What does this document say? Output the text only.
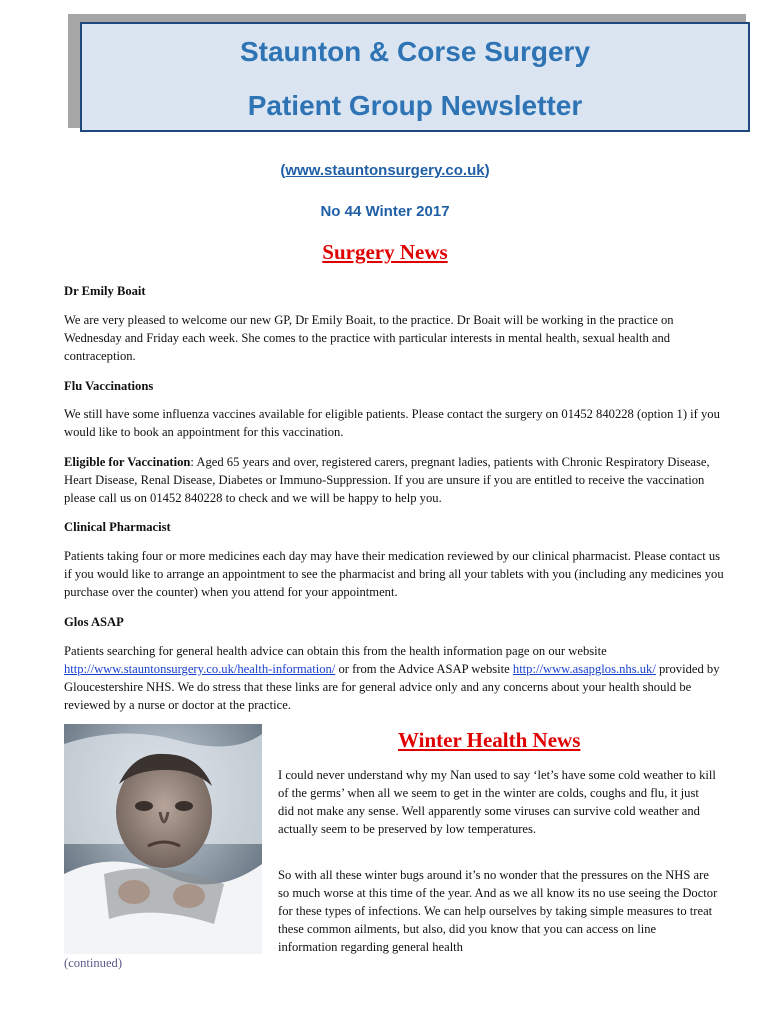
Staunton & Corse Surgery
Patient Group Newsletter
(www.stauntonsurgery.co.uk)
No 44 Winter 2017
Surgery News

Dr Emily Boait

We are very pleased to welcome our new GP, Dr Emily Boait, to the practice. Dr Boait will be working in the practice on Wednesday and Friday each week. She comes to the practice with particular interests in mental health, sexual health and contraception.
Flu Vaccinations
We still have some influenza vaccines available for eligible patients. Please contact the surgery on 01452 840228 (option 1) if you would like to book an appointment for this vaccination.
Eligible for Vaccination: Aged 65 years and over, registered carers, pregnant ladies, patients with Chronic Respiratory Disease, Heart Disease, Renal Disease, Diabetes or Immuno-Suppression. If you are unsure if you are entitled to receive the vaccination please call us on 01452 840228 to check and we will be happy to help you.
Clinical Pharmacist
Patients taking four or more medicines each day may have their medication reviewed by our clinical pharmacist. Please contact us if you would like to arrange an appointment to see the pharmacist and bring all your tablets with you (including any medicines you purchase over the counter) when you attend for your appointment.
Glos ASAP
Patients searching for general health advice can obtain this from the health information page on our website http://www.stauntonsurgery.co.uk/health-information/ or from the Advice ASAP website http://www.asapglos.nhs.uk/ provided by Gloucestershire NHS. We do stress that these links are for general advice only and any concerns about your health should be reviewed by a nurse or doctor at the practice.
(continued)
Winter Health News
I could never understand why my Nan used to say ‘let’s have some cold weather to kill of the germs’ when all we seem to get in the winter are colds, coughs and flu, it just did not make any sense. Well apparently some viruses can survive cold weather and actually seem to be preserved by low temperatures.
So with all these winter bugs around it’s no wonder that the pressures on the NHS are so much worse at this time of the year. And as we all know its no use seeing the Doctor for these types of infections. We can help ourselves by taking simple measures to treat these common ailments, but also, did you know that you can access on line information regarding general health
